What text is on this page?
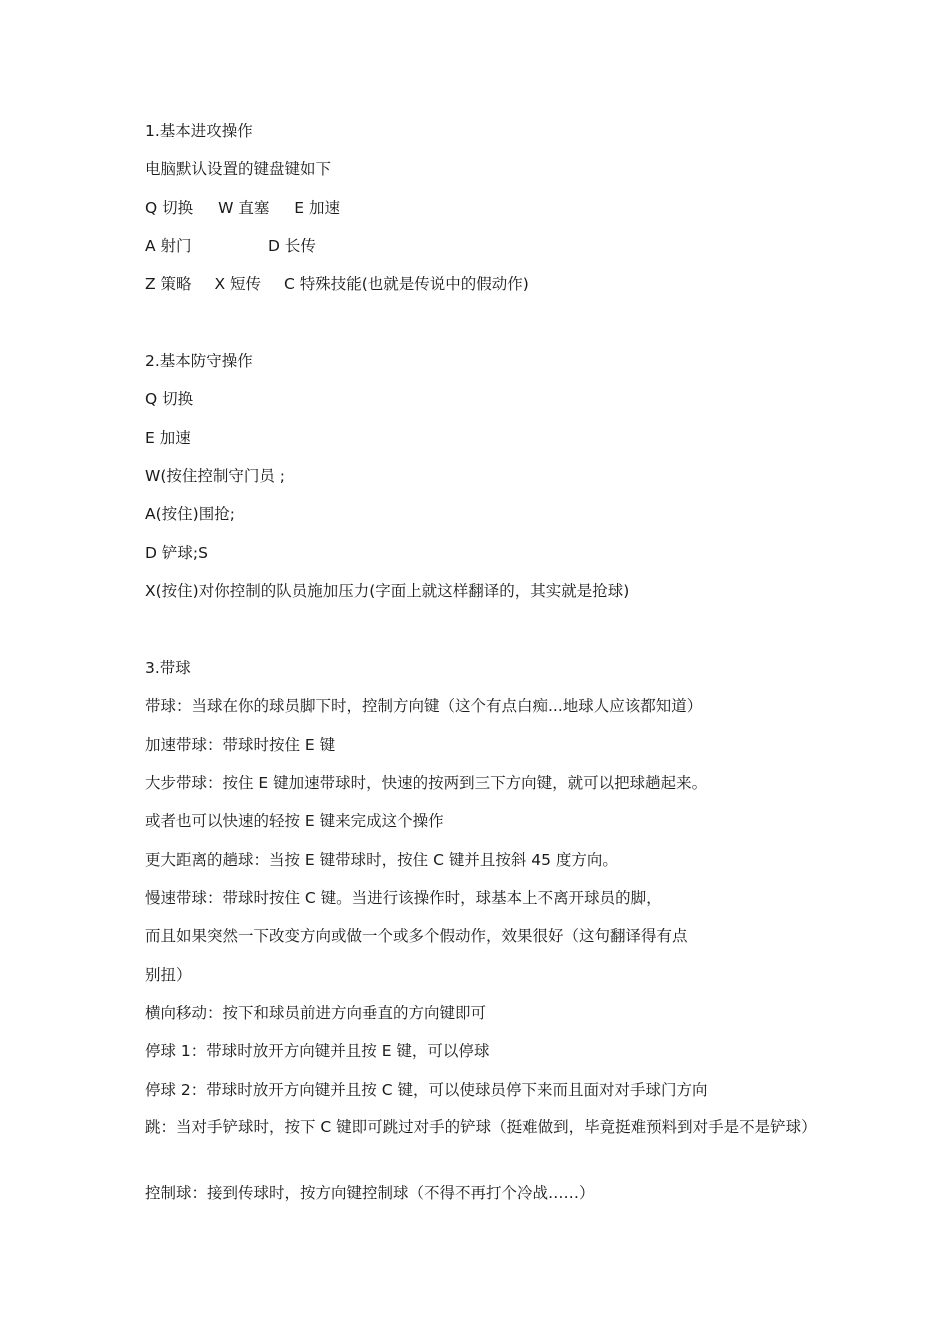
1.基本进攻操作
电脑默认设置的键盘键如下
Q 切换 W 直塞 E 加速
A 射门	D 长传
Z 策略 X 短传 C 特殊技能(也就是传说中的假动作)
2.基本防守操作
Q 切换
E 加速
W(按住控制守门员 ;
A(按住)围抢;
D 铲球;S
X(按住)对你控制的队员施加压力(字面上就这样翻译的，其实就是抢球)
3.带球
带球：当球在你的球员脚下时，控制方向键（这个有点白痴...地球人应该都知道）
加速带球：带球时按住 E 键
大步带球：按住 E 键加速带球时，快速的按两到三下方向键，就可以把球趟起来。
或者也可以快速的轻按 E 键来完成这个操作
更大距离的趟球：当按 E 键带球时，按住 C 键并且按斜 45 度方向。
慢速带球：带球时按住 C 键。当进行该操作时，球基本上不离开球员的脚，
而且如果突然一下改变方向或做一个或多个假动作，效果很好（这句翻译得有点
别扭）
横向移动：按下和球员前进方向垂直的方向键即可
停球 1：带球时放开方向键并且按 E 键，可以停球
停球 2：带球时放开方向键并且按 C 键，可以使球员停下来而且面对对手球门方向
跳：当对手铲球时，按下 C 键即可跳过对手的铲球（挺难做到，毕竟挺难预料到对手是不是铲球）
控制球：接到传球时，按方向键控制球（不得不再打个冷战……）
